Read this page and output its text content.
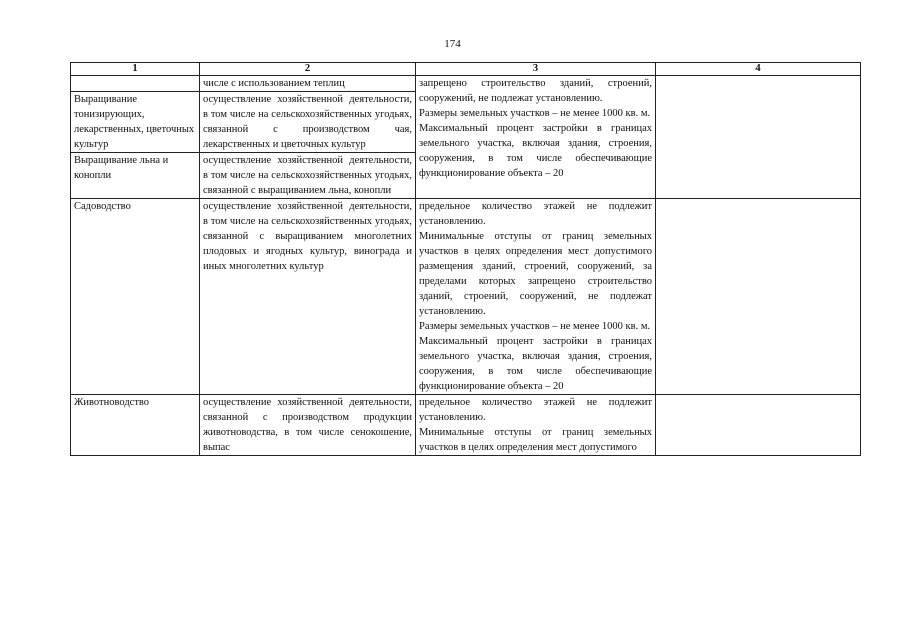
174
1	2	3	4

	числе с использованием теплиц	запрещено строительство зданий, строений, сооружений, не подлежат установлению.

Размеры земельных участков – не менее 1000 кв. м.

Максимальный процент застройки в границах земельного участка, включая здания, строения, сооружения, в том числе обеспечивающие функционирование объекта – 20	

Выращивание тонизирующих, лекарственных, цветочных культур	осуществление хозяйственной деятельности, в том числе на сельскохозяйственных угодьях, связанной с производством чая, лекарственных и цветочных культур		

Выращивание льна и конопли	осуществление хозяйственной деятельности, в том числе на сельскохозяйственных угодьях, связанной с выращиванием льна, конопли		

Садоводство	осуществление хозяйственной деятельности, в том числе на сельскохозяйственных угодьях, связанной с выращиванием многолетних плодовых и ягодных культур, винограда и иных многолетних культур	предельное количество этажей не подлежит установлению.

Минимальные отступы от границ земельных участков в целях определения мест допустимого размещения зданий, строений, сооружений, за пределами которых запрещено строительство зданий, строений, сооружений, не подлежат установлению.

Размеры земельных участков – не менее 1000 кв. м.

Максимальный процент застройки в границах земельного участка, включая здания, строения, сооружения, в том числе обеспечивающие функционирование объекта – 20	

Животноводство	осуществление хозяйственной деятельности, связанной с производством продукции животноводства, в том числе сенокошение, выпас	предельное количество этажей не подлежит установлению.

Минимальные отступы от границ земельных участков в целях определения мест допустимого	
